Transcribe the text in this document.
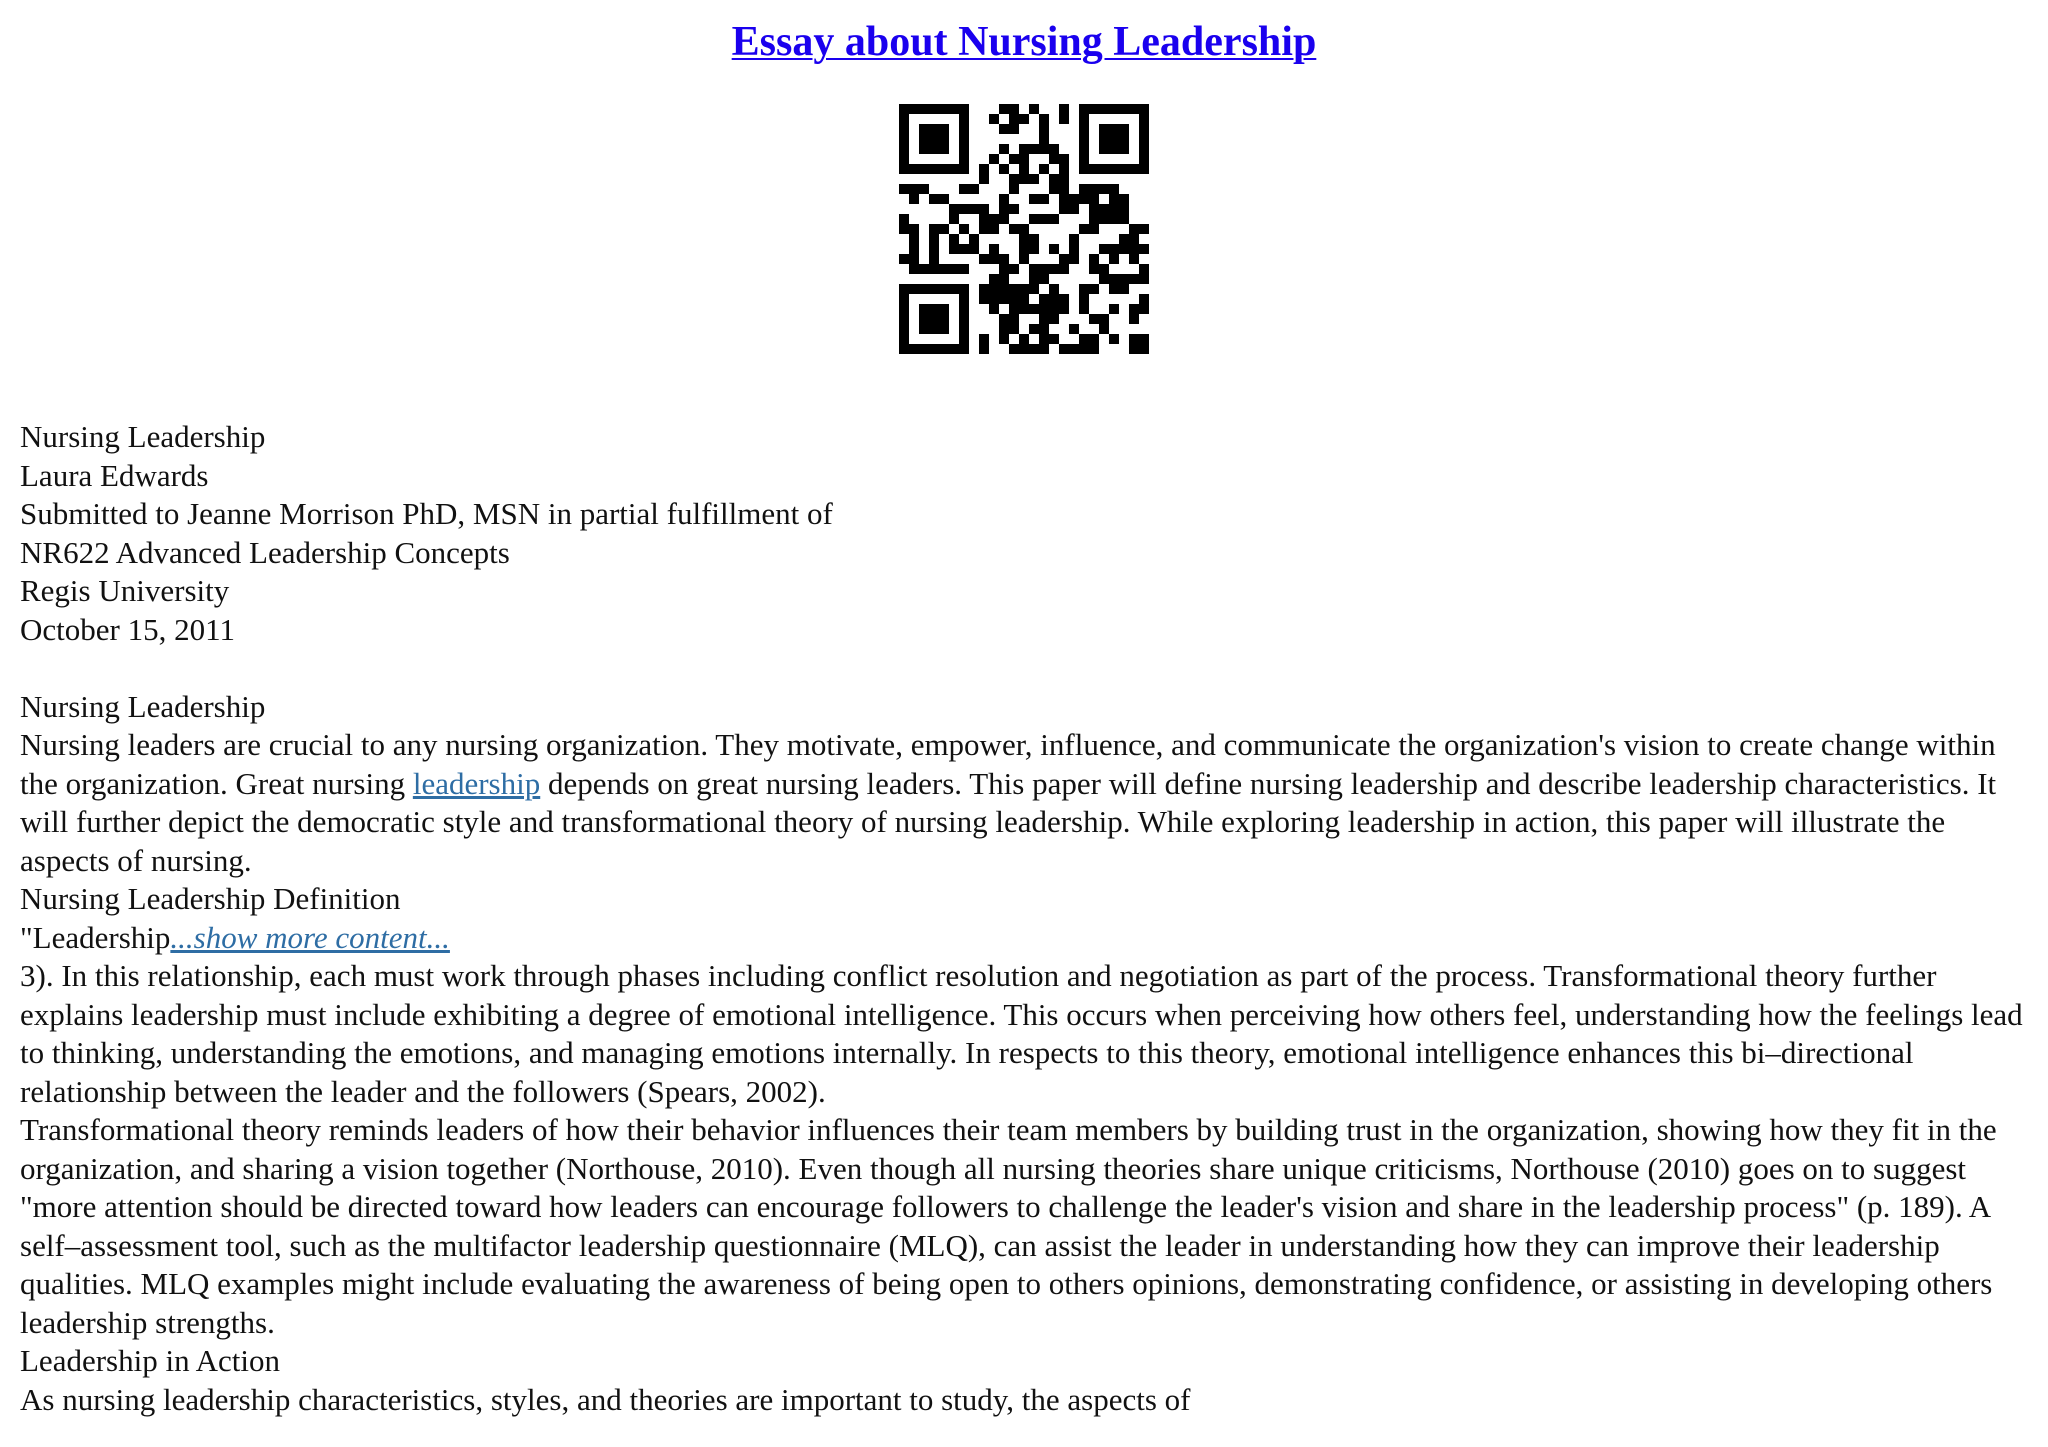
Essay about Nursing Leadership
Nursing Leadership
Laura Edwards
Submitted to Jeanne Morrison PhD, MSN in partial fulfillment of
NR622 Advanced Leadership Concepts
Regis University
October 15, 2011
Nursing Leadership

Nursing leaders are crucial to any nursing organization. They motivate, empower, influence, and communicate the organization's vision to create change within the organization. Great nursing leadership depends on great nursing leaders. This paper will define nursing leadership and describe leadership characteristics. It will further depict the democratic style and transformational theory of nursing leadership. While exploring leadership in action, this paper will illustrate the aspects of nursing.

Nursing Leadership Definition
"Leadership...show more content...

3). In this relationship, each must work through phases including conflict resolution and negotiation as part of the process. Transformational theory further explains leadership must include exhibiting a degree of emotional intelligence. This occurs when perceiving how others feel, understanding how the feelings lead to thinking, understanding the emotions, and managing emotions internally. In respects to this theory, emotional intelligence enhances this bi–directional relationship between the leader and the followers (Spears, 2002).

Transformational theory reminds leaders of how their behavior influences their team members by building trust in the organization, showing how they fit in the organization, and sharing a vision together (Northouse, 2010). Even though all nursing theories share unique criticisms, Northouse (2010) goes on to suggest "more attention should be directed toward how leaders can encourage followers to challenge the leader's vision and share in the leadership process" (p. 189). A self–assessment tool, such as the multifactor leadership questionnaire (MLQ), can assist the leader in understanding how they can improve their leadership qualities. MLQ examples might include evaluating the awareness of being open to others opinions, demonstrating confidence, or assisting in developing others leadership strengths.

Leadership in Action

As nursing leadership characteristics, styles, and theories are important to study, the aspects of
